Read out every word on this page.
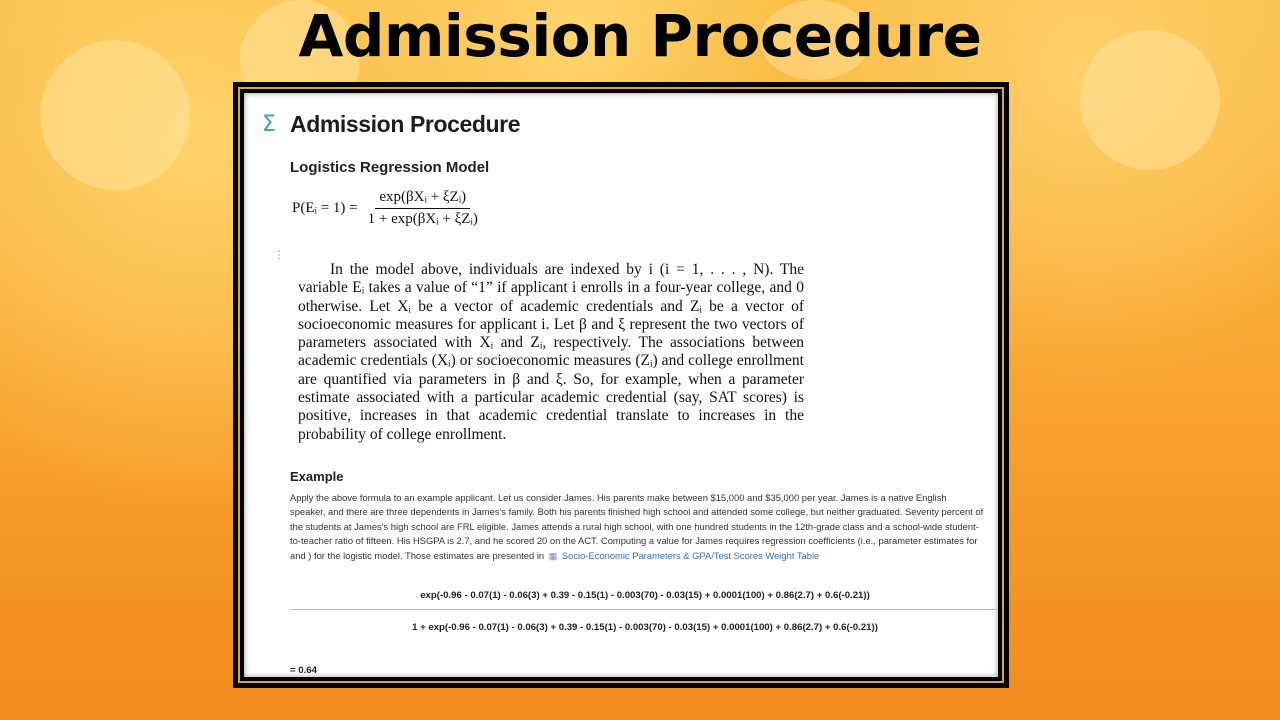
Admission Procedure
Σ Admission Procedure
Logistics Regression Model
P(Eᵢ = $1) = \frac{\text{exp(βXᵢ + ξZᵢ)}}{\text{1 + exp(βXᵢ + ξZᵢ)}}$
⋮
In the model above, individuals are indexed by i (i = 1, . . . , N). The variable Eᵢ takes a value of “1” if applicant i enrolls in a four-year college, and 0 otherwise. Let Xᵢ be a vector of academic credentials and Zᵢ be a vector of socioeconomic measures for applicant i. Let β and ξ represent the two vectors of parameters associated with Xᵢ and Zᵢ, respectively. The associations between academic credentials (Xᵢ) or socioeconomic measures (Zᵢ) and college enrollment are quantified via parameters in β and ξ. So, for example, when a parameter estimate associated with a particular academic credential (say, SAT scores) is positive, increases in that academic credential translate to increases in the probability of college enrollment.
Example
Apply the above formula to an example applicant. Let us consider James. His parents make between $15,000 and $35,000 per year. James is a native English speaker, and there are three dependents in James's family. Both his parents finished high school and attended some college, but neither graduated. Seventy percent of the students at James's high school are FRL eligible. James attends a rural high school, with one hundred students in the 12th-grade class and a school-wide student-to-teacher ratio of fifteen. His HSGPA is 2.7, and he scored 20 on the ACT. Computing a value for James requires regression coefficients (i.e., parameter estimates for and ) for the logistic model. Those estimates are presented in ▦ Socio-Economic Parameters & GPA/Test Scores Weight Table
exp(-0.96 - 0.07(1) - 0.06(3) + 0.39 - 0.15(1) - 0.003(70) - 0.03(15) + 0.0001(100) + 0.86(2.7) + 0.6(-0.21))
1 + exp(-0.96 - 0.07(1) - 0.06(3) + 0.39 - 0.15(1) - 0.003(70) - 0.03(15) + 0.0001(100) + 0.86(2.7) + 0.6(-0.21))
= 0.64
